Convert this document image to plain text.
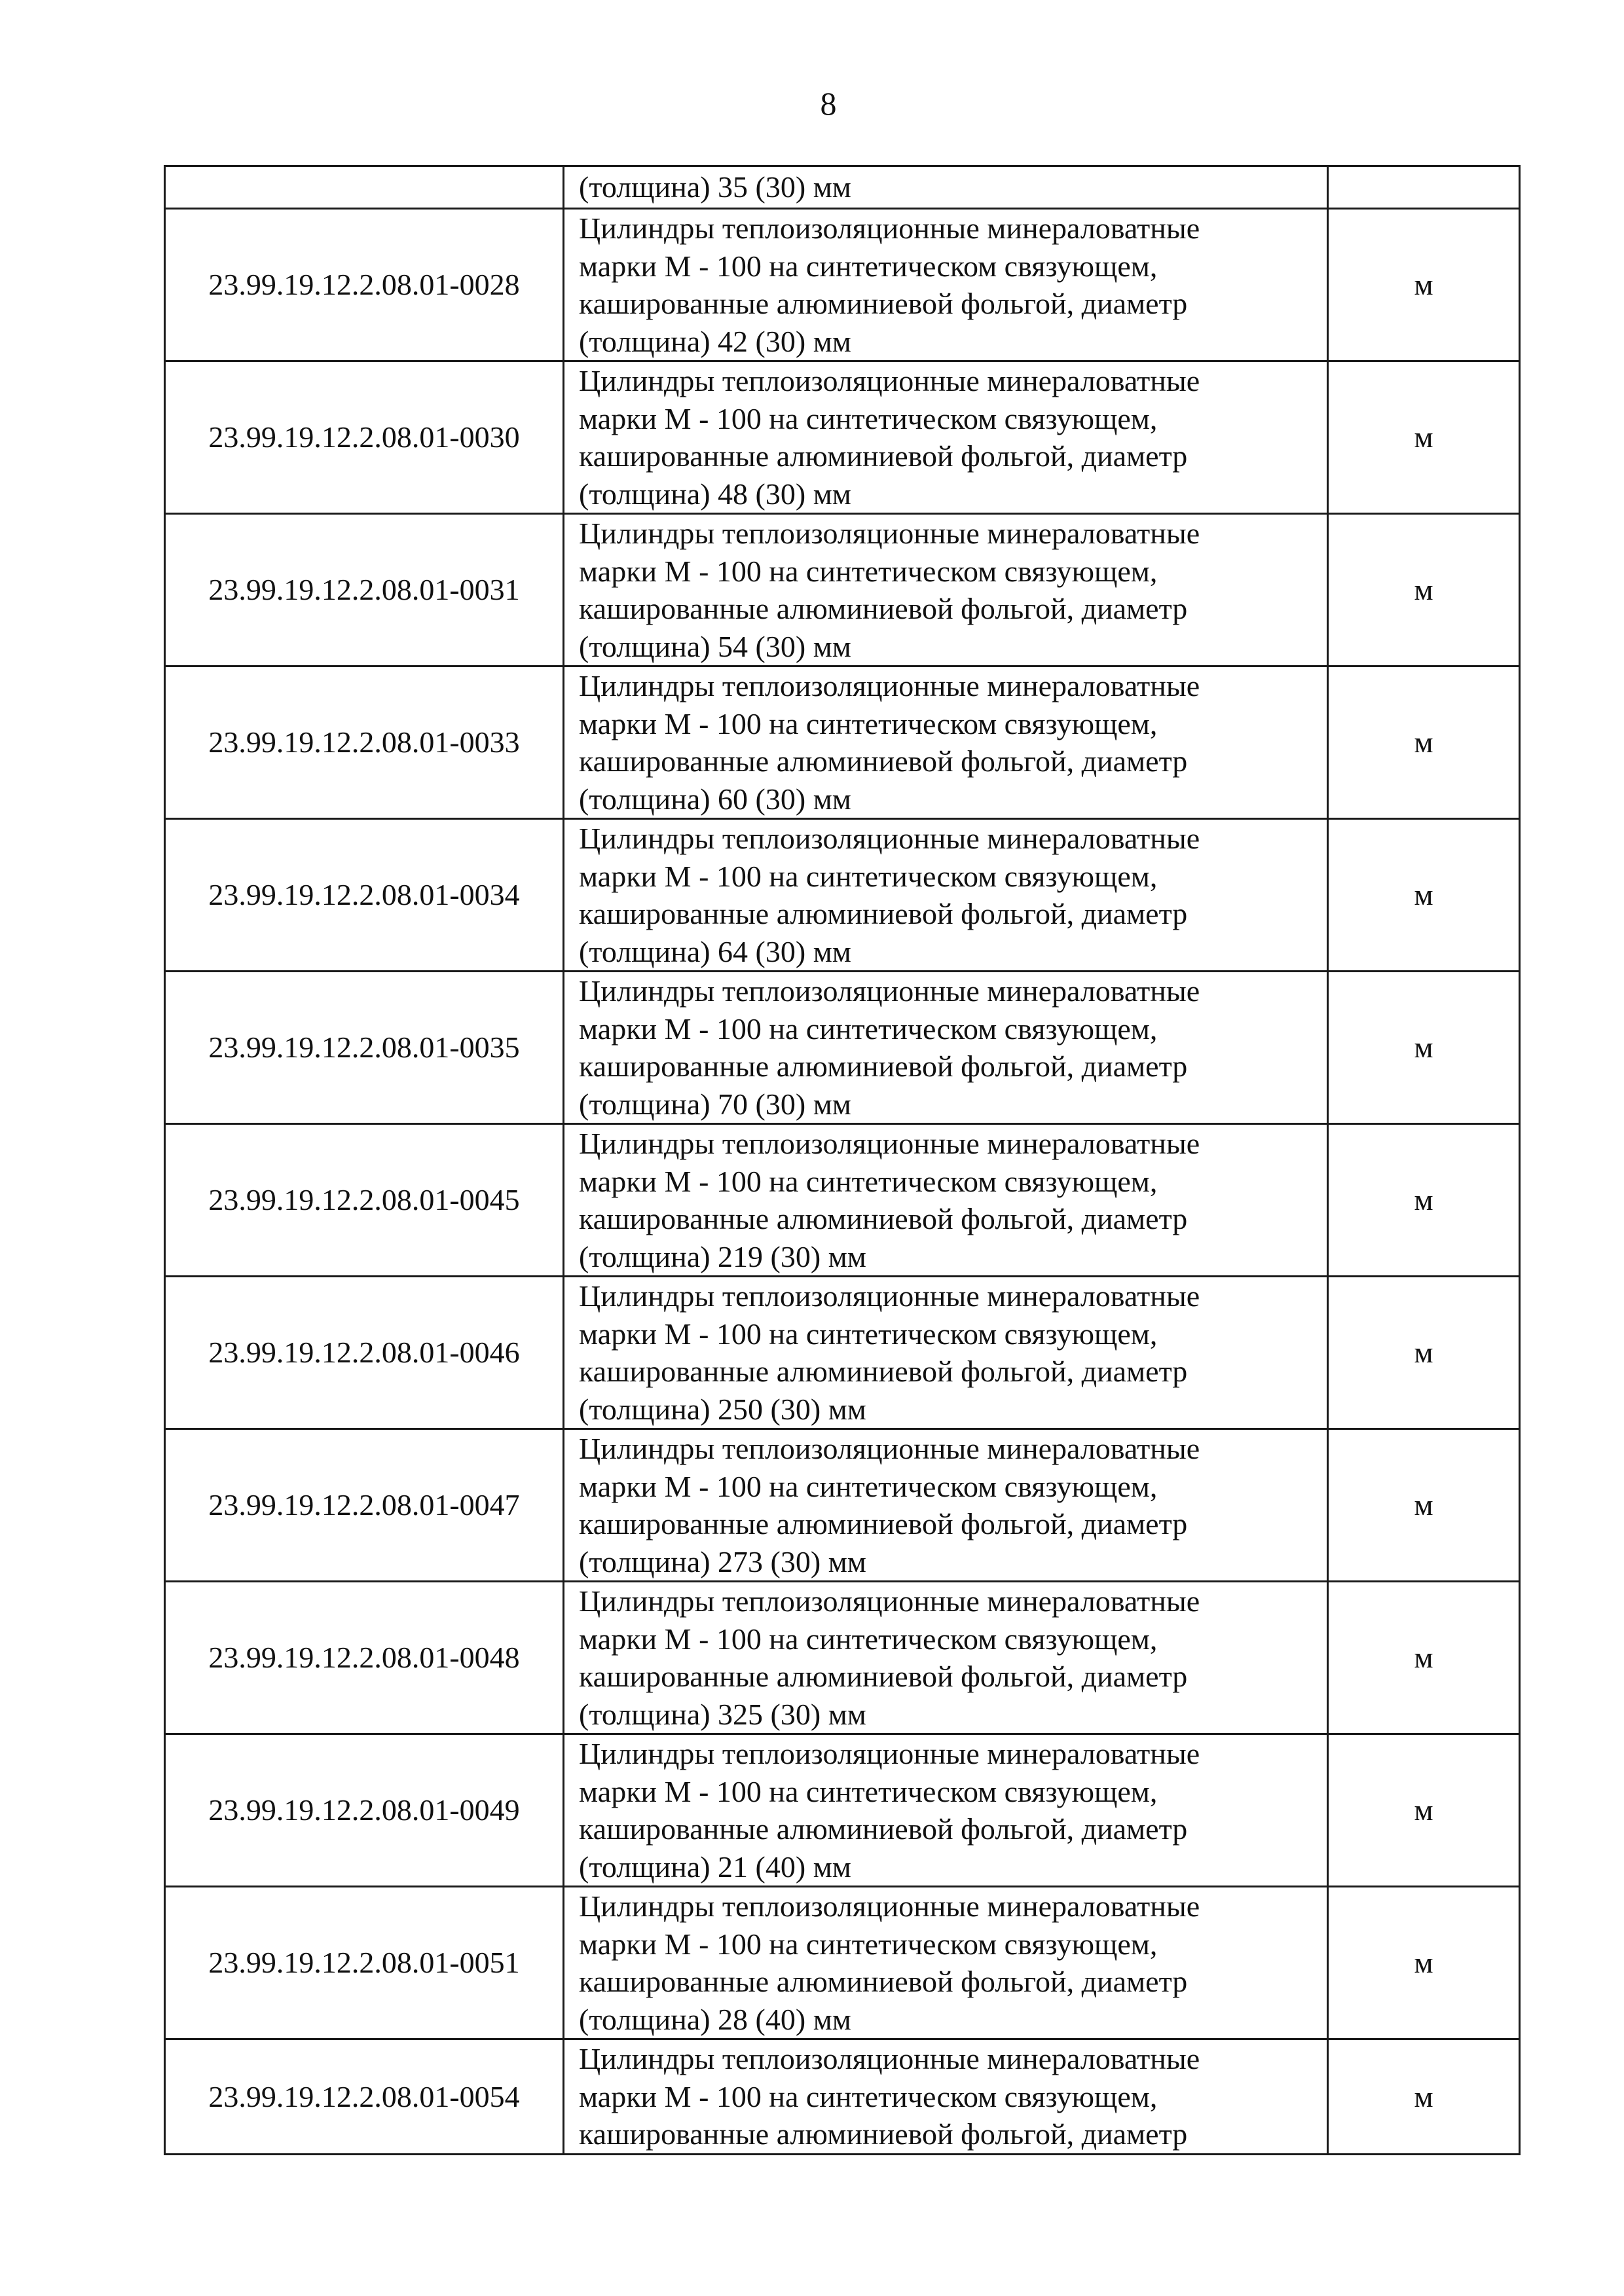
8

	(толщина) 35 (30) мм	

23.99.19.12.2.08.01-0028	Цилиндры теплоизоляционные минераловатные
марки М - 100 на синтетическом связующем,
кашированные алюминиевой фольгой, диаметр
(толщина) 42 (30) мм	м
23.99.19.12.2.08.01-0030	Цилиндры теплоизоляционные минераловатные
марки М - 100 на синтетическом связующем,
кашированные алюминиевой фольгой, диаметр
(толщина) 48 (30) мм	м
23.99.19.12.2.08.01-0031	Цилиндры теплоизоляционные минераловатные
марки М - 100 на синтетическом связующем,
кашированные алюминиевой фольгой, диаметр
(толщина) 54 (30) мм	м
23.99.19.12.2.08.01-0033	Цилиндры теплоизоляционные минераловатные
марки М - 100 на синтетическом связующем,
кашированные алюминиевой фольгой, диаметр
(толщина) 60 (30) мм	м
23.99.19.12.2.08.01-0034	Цилиндры теплоизоляционные минераловатные
марки М - 100 на синтетическом связующем,
кашированные алюминиевой фольгой, диаметр
(толщина) 64 (30) мм	м
23.99.19.12.2.08.01-0035	Цилиндры теплоизоляционные минераловатные
марки М - 100 на синтетическом связующем,
кашированные алюминиевой фольгой, диаметр
(толщина) 70 (30) мм	м
23.99.19.12.2.08.01-0045	Цилиндры теплоизоляционные минераловатные
марки М - 100 на синтетическом связующем,
кашированные алюминиевой фольгой, диаметр
(толщина) 219 (30) мм	м
23.99.19.12.2.08.01-0046	Цилиндры теплоизоляционные минераловатные
марки М - 100 на синтетическом связующем,
кашированные алюминиевой фольгой, диаметр
(толщина) 250 (30) мм	м
23.99.19.12.2.08.01-0047	Цилиндры теплоизоляционные минераловатные
марки М - 100 на синтетическом связующем,
кашированные алюминиевой фольгой, диаметр
(толщина) 273 (30) мм	м
23.99.19.12.2.08.01-0048	Цилиндры теплоизоляционные минераловатные
марки М - 100 на синтетическом связующем,
кашированные алюминиевой фольгой, диаметр
(толщина) 325 (30) мм	м
23.99.19.12.2.08.01-0049	Цилиндры теплоизоляционные минераловатные
марки М - 100 на синтетическом связующем,
кашированные алюминиевой фольгой, диаметр
(толщина) 21 (40) мм	м
23.99.19.12.2.08.01-0051	Цилиндры теплоизоляционные минераловатные
марки М - 100 на синтетическом связующем,
кашированные алюминиевой фольгой, диаметр
(толщина) 28 (40) мм	м
23.99.19.12.2.08.01-0054	Цилиндры теплоизоляционные минераловатные
марки М - 100 на синтетическом связующем,
кашированные алюминиевой фольгой, диаметр	м
